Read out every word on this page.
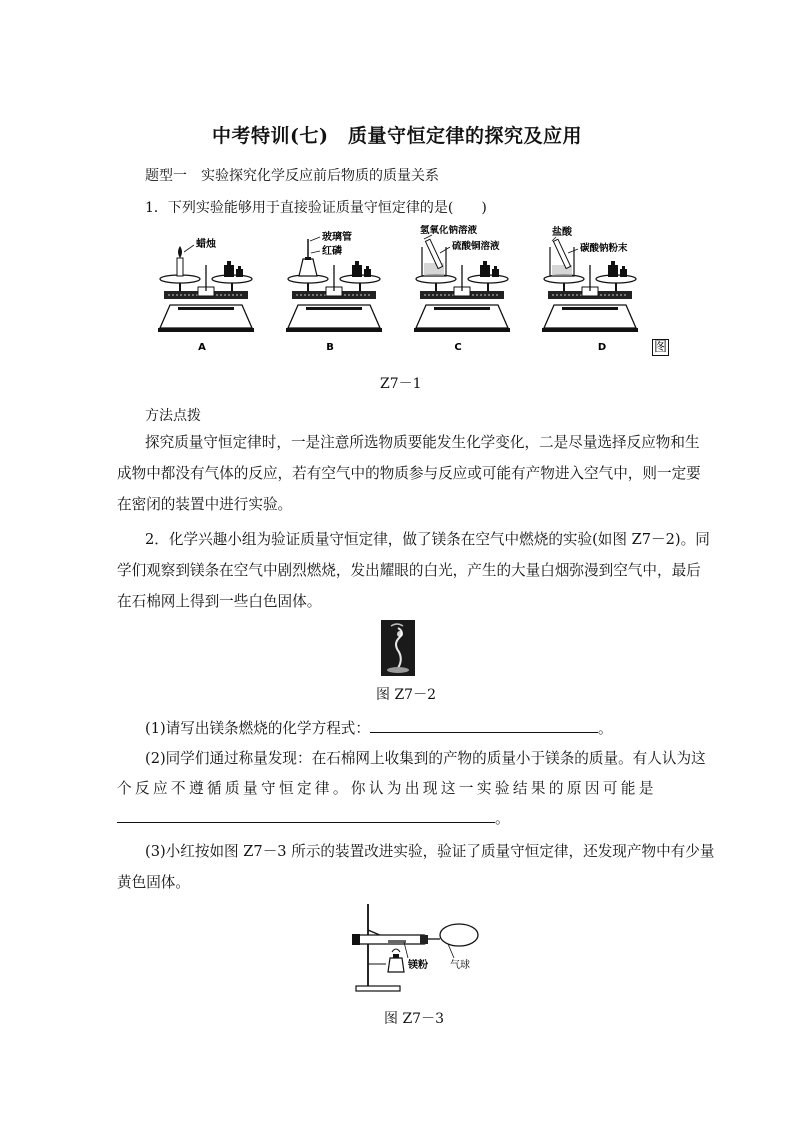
中考特训(七)　质量守恒定律的探究及应用
题型一　实验探究化学反应前后物质的质量关系
1．下列实验能够用于直接验证质量守恒定律的是(　　)
蜡烛
玻璃管
红磷
氢氧化钠溶液
硫酸铜溶液
盐酸
碳酸钠粉末
A	B	C	D	图
Z7－1
方法点拨
探究质量守恒定律时，一是注意所选物质要能发生化学变化，二是尽量选择反应物和生
成物中都没有气体的反应，若有空气中的物质参与反应或可能有产物进入空气中，则一定要
在密闭的装置中进行实验。
2．化学兴趣小组为验证质量守恒定律，做了镁条在空气中燃烧的实验(如图 Z7－2)。同
学们观察到镁条在空气中剧烈燃烧，发出耀眼的白光，产生的大量白烟弥漫到空气中，最后
在石棉网上得到一些白色固体。
图 Z7－2
(1)请写出镁条燃烧的化学方程式：	。
(2)同学们通过称量发现：在石棉网上收集到的产物的质量小于镁条的质量。有人认为这
个反应不遵循质量守恒定律。你认为出现这一实验结果的原因可能是
。
(3)小红按如图 Z7－3 所示的装置改进实验，验证了质量守恒定律，还发现产物中有少量
黄色固体。
镁粉 气球
图 Z7－3
